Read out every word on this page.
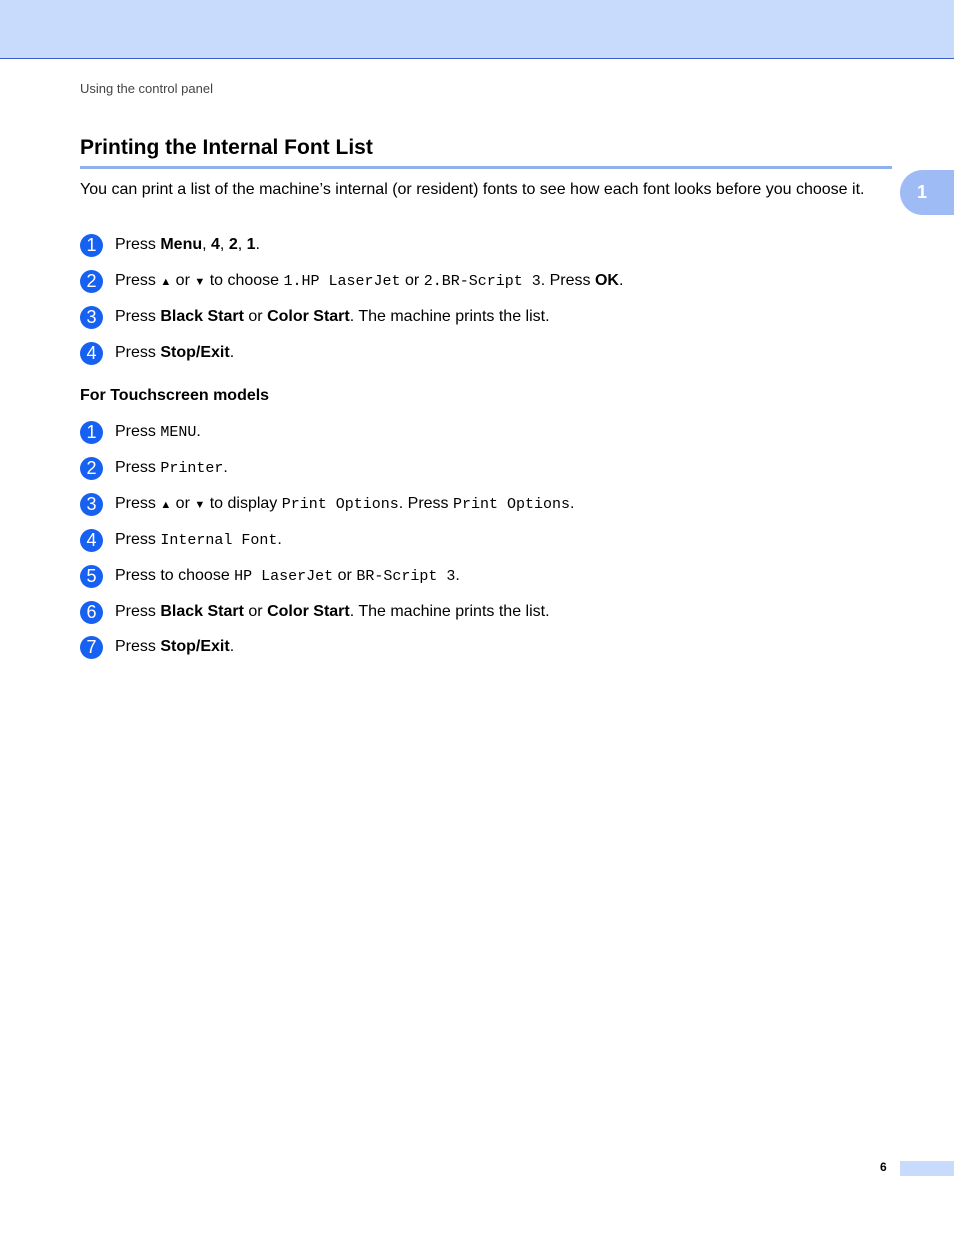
Using the control panel
Printing the Internal Font List
1

You can print a list of the machine’s internal (or resident) fonts to see how each font looks before you choose it.

1	Press Menu, 4, 2, 1.
2	Press ▲ or ▼ to choose 1.HP LaserJet or 2.BR-Script 3. Press OK.
3	Press Black Start or Color Start. The machine prints the list.
4	Press Stop/Exit.
For Touchscreen models
1	Press MENU.
2	Press Printer.
3	Press ▲ or ▼ to display Print Options. Press Print Options.
4	Press Internal Font.
5	Press to choose HP LaserJet or BR-Script 3.
6	Press Black Start or Color Start. The machine prints the list.
7	Press Stop/Exit.
6
